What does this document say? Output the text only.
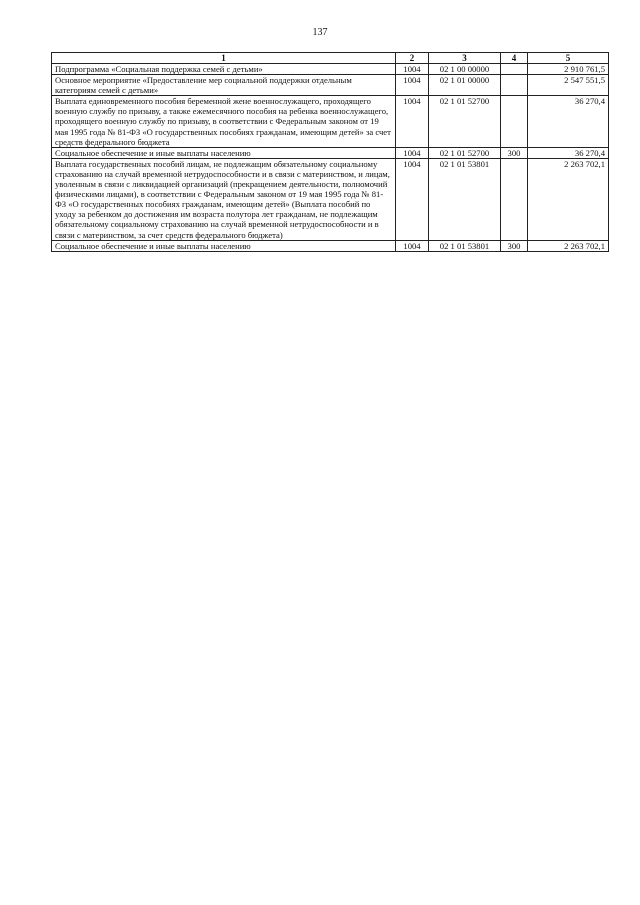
137
1	2	3	4	5
Подпрограмма «Социальная поддержка семей с детьми»	1004	02 1 00 00000		2 910 761,5
Основное мероприятие «Предоставление мер социальной поддержки отдельным категориям семей с детьми»	1004	02 1 01 00000		2 547 551,5
Выплата единовременного пособия беременной жене военнослужащего, проходящего военную службу по призыву, а также ежемесячного пособия на ребенка военнослужащего, проходящего военную службу по призыву, в соответствии с Федеральным законом от 19 мая 1995 года № 81-ФЗ «О государственных пособиях гражданам, имеющим детей» за счет средств федерального бюджета	1004	02 1 01 52700		36 270,4
Социальное обеспечение и иные выплаты населению	1004	02 1 01 52700	300	36 270,4
Выплата государственных пособий лицам, не подлежащим обязательному социальному страхованию на случай временной нетрудоспособности и в связи с материнством, и лицам, уволенным в связи с ликвидацией организаций (прекращением деятельности, полномочий физическими лицами), в соответствии с Федеральным законом от 19 мая 1995 года № 81-ФЗ «О государственных пособиях гражданам, имеющим детей» (Выплата пособий по уходу за ребенком до достижения им возраста полутора лет гражданам, не подлежащим обязательному социальному страхованию на случай временной нетрудоспособности и в связи с материнством, за счет средств федерального бюджета)	1004	02 1 01 53801		2 263 702,1
Социальное обеспечение и иные выплаты населению	1004	02 1 01 53801	300	2 263 702,1
